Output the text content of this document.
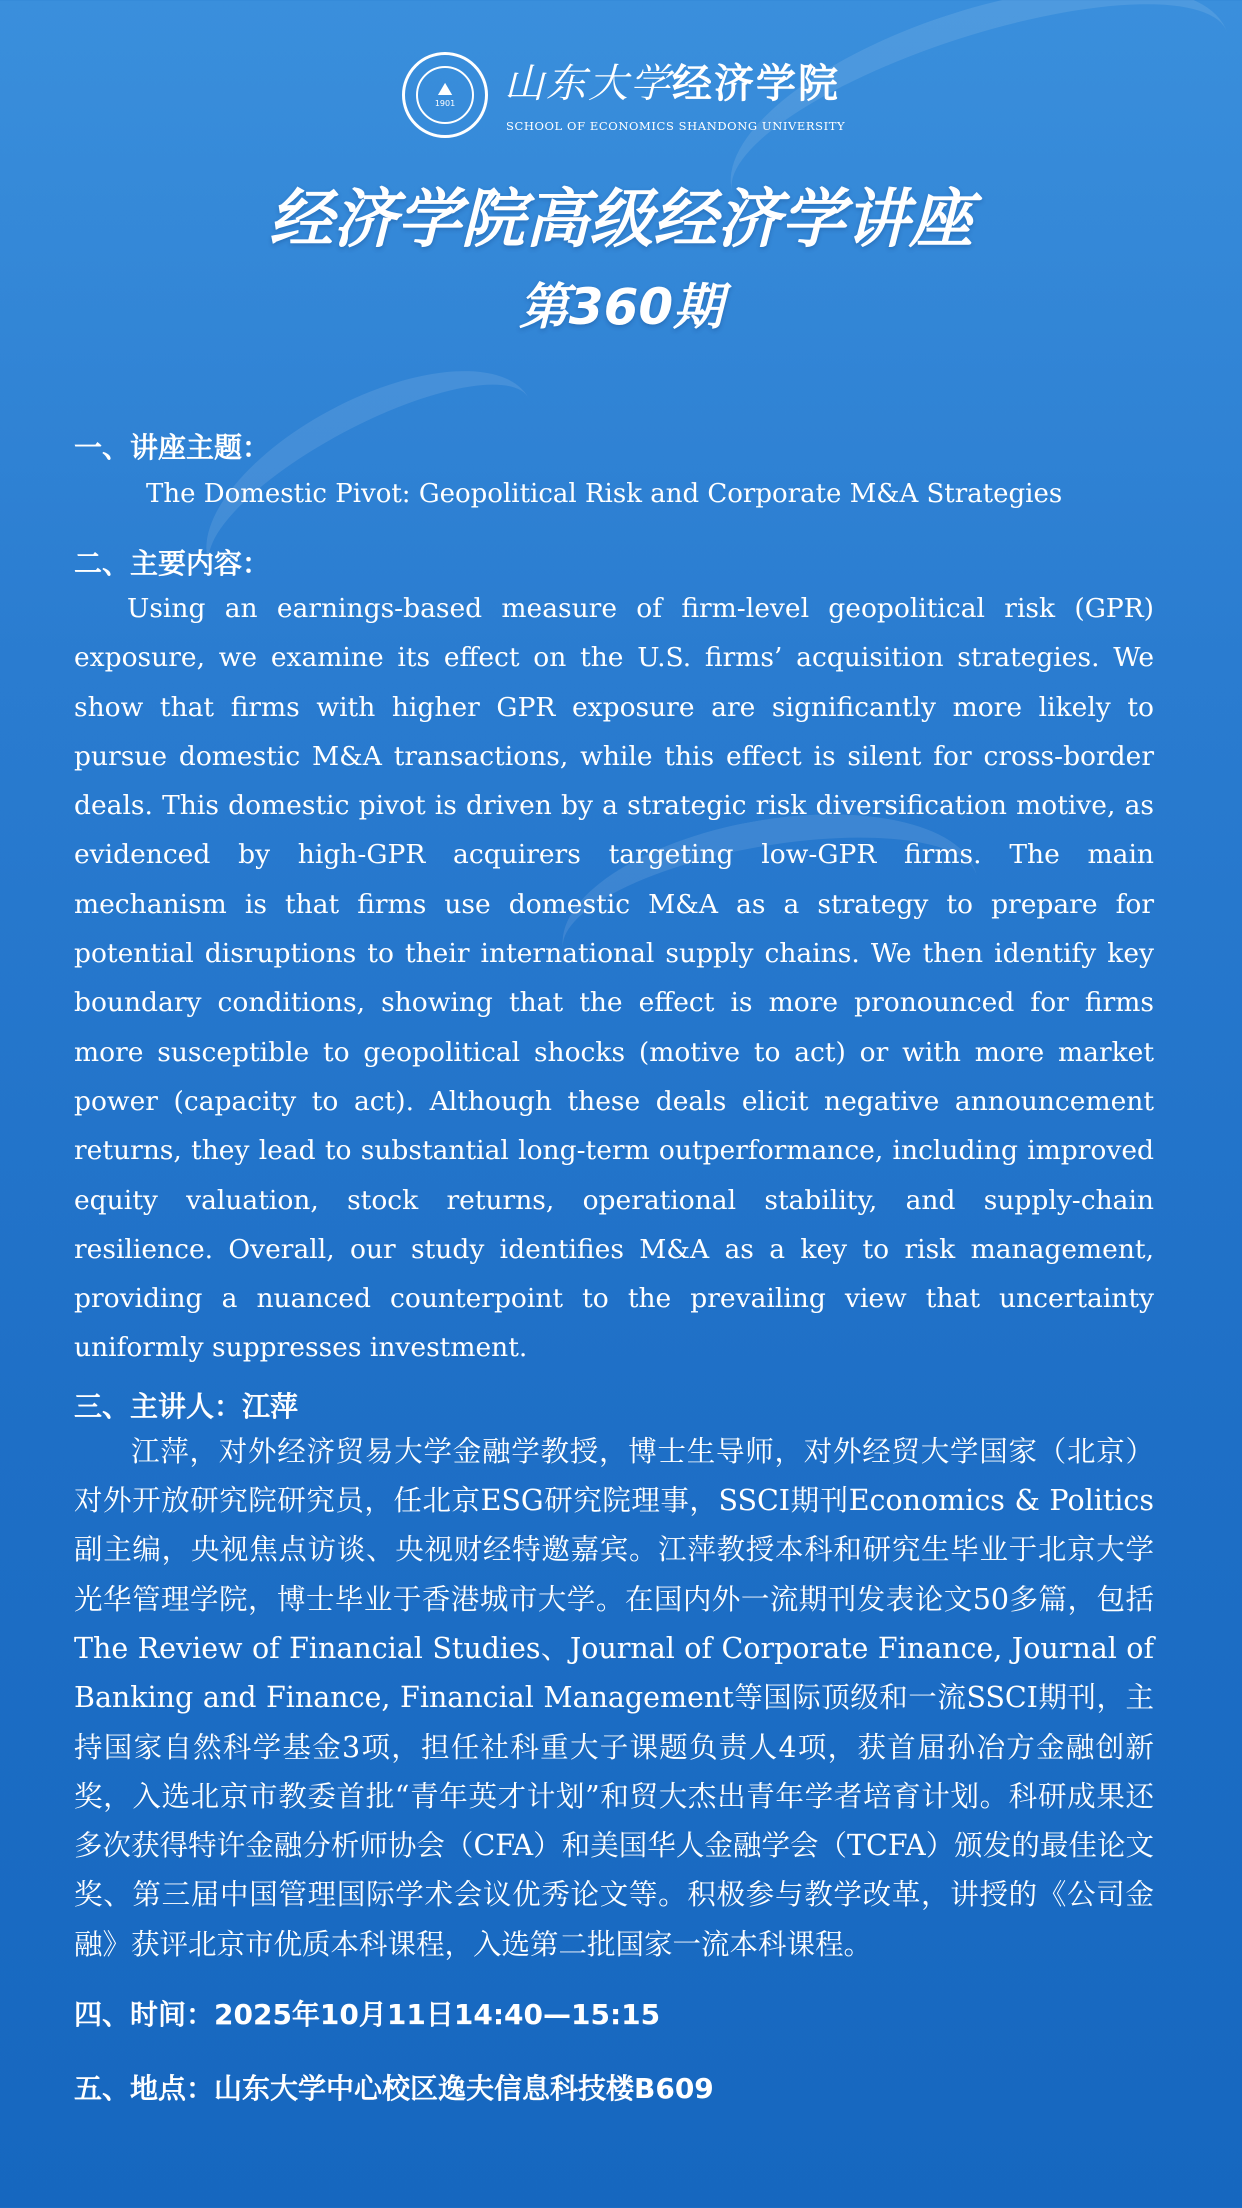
⛰
1901 山东大学经济学院
SCHOOL OF ECONOMICS SHANDONG UNIVERSITY
经济学院高级经济学讲座
第360期
一、讲座主题：
The Domestic Pivot: Geopolitical Risk and Corporate M&A Strategies
二、主要内容：

Using an earnings-based measure of firm-level geopolitical risk (GPR) exposure, we examine its effect on the U.S. firms’ acquisition strategies. We show that firms with higher GPR exposure are significantly more likely to pursue domestic M&A transactions, while this effect is silent for cross-border deals. This domestic pivot is driven by a strategic risk diversification motive, as evidenced by high-GPR acquirers targeting low-GPR firms. The main mechanism is that firms use domestic M&A as a strategy to prepare for potential disruptions to their international supply chains. We then identify key boundary conditions, showing that the effect is more pronounced for firms more susceptible to geopolitical shocks (motive to act) or with more market power (capacity to act). Although these deals elicit negative announcement returns, they lead to substantial long-term outperformance, including improved equity valuation, stock returns, operational stability, and supply-chain resilience. Overall, our study identifies M&A as a key to risk management, providing a nuanced counterpoint to the prevailing view that uncertainty uniformly suppresses investment.

三、主讲人：江萍

江萍，对外经济贸易大学金融学教授，博士生导师，对外经贸大学国家（北京）对外开放研究院研究员，任北京ESG研究院理事，SSCI期刊Economics & Politics副主编，央视焦点访谈、央视财经特邀嘉宾。江萍教授本科和研究生毕业于北京大学光华管理学院，博士毕业于香港城市大学。在国内外一流期刊发表论文50多篇，包括The Review of Financial Studies、Journal of Corporate Finance, Journal of Banking and Finance, Financial Management等国际顶级和一流SSCI期刊，主持国家自然科学基金3项，担任社科重大子课题负责人4项，获首届孙冶方金融创新奖，入选北京市教委首批“青年英才计划”和贸大杰出青年学者培育计划。科研成果还多次获得特许金融分析师协会（CFA）和美国华人金融学会（TCFA）颁发的最佳论文奖、第三届中国管理国际学术会议优秀论文等。积极参与教学改革，讲授的《公司金融》获评北京市优质本科课程，入选第二批国家一流本科课程。

四、时间：2025年10月11日14:40—15:15
五、地点：山东大学中心校区逸夫信息科技楼B609
